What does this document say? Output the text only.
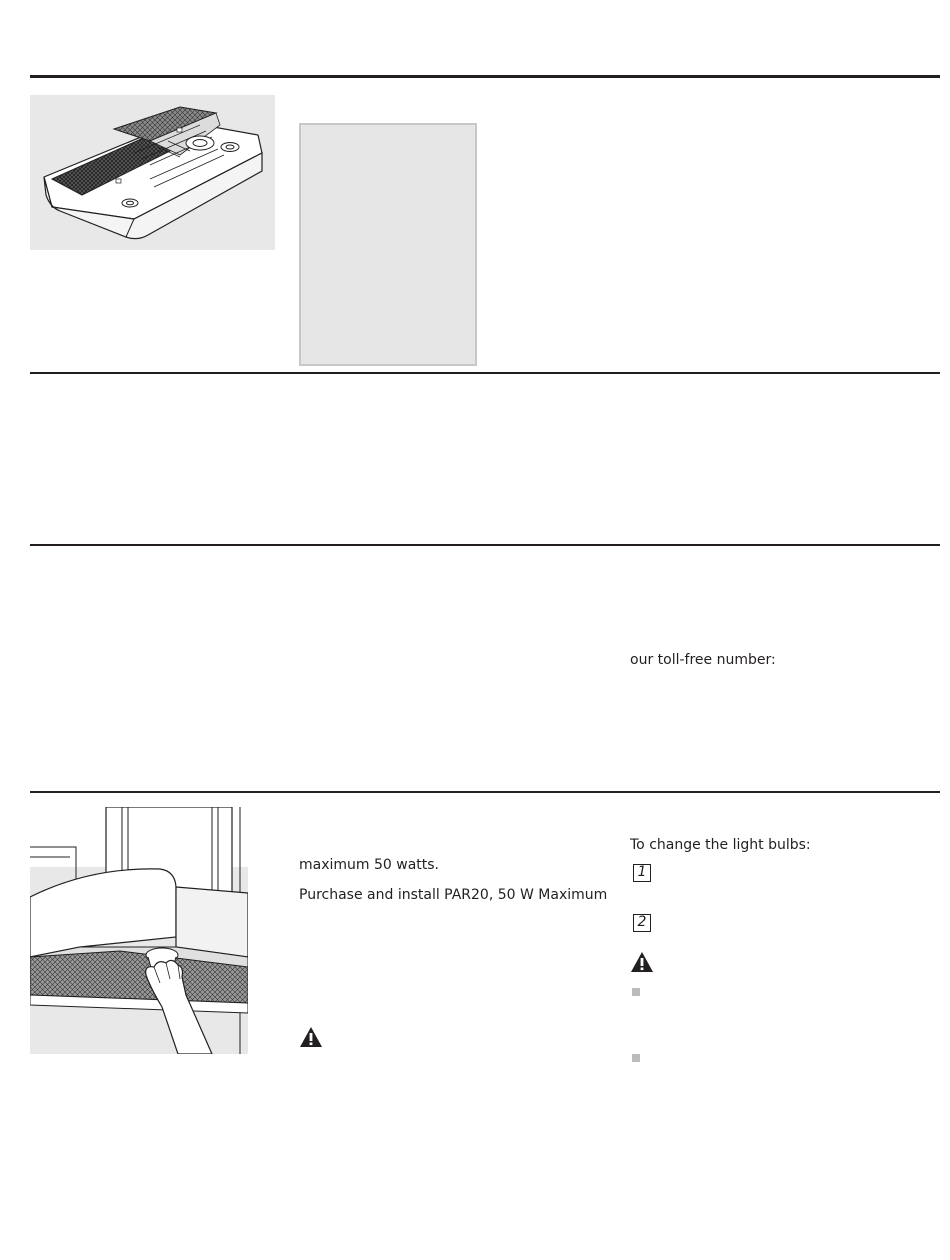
our toll-free number:
maximum 50 watts.
Purchase and install PAR20, 50 W Maximum
To change the light bulbs:
1
2
